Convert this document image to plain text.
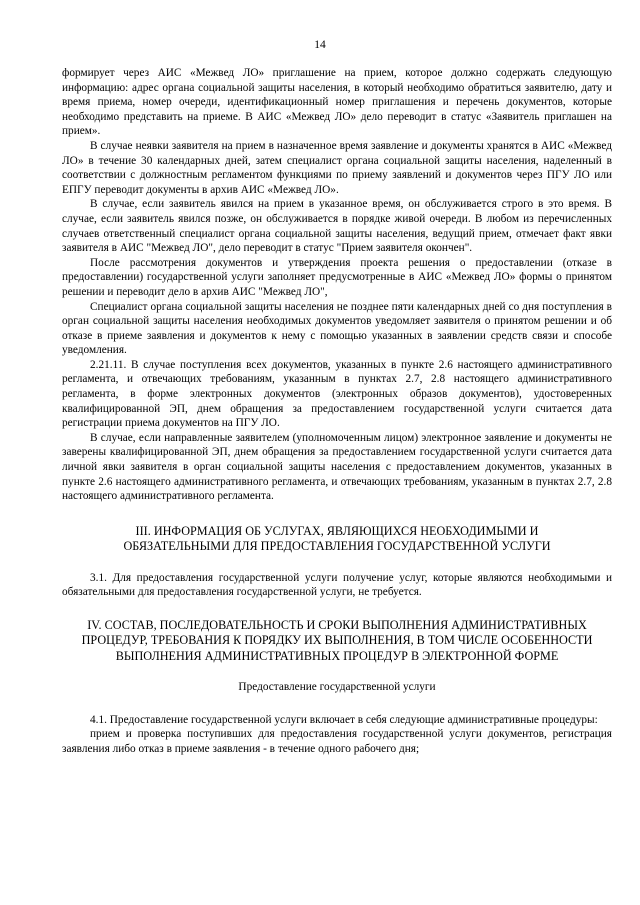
14

формирует через АИС «Межвед ЛО» приглашение на прием, которое должно содержать следующую информацию: адрес органа социальной защиты населения, в который необходимо обратиться заявителю, дату и время приема, номер очереди, идентификационный номер приглашения и перечень документов, которые необходимо представить на приеме. В АИС «Межвед ЛО» дело переводит в статус «Заявитель приглашен на прием».

В случае неявки заявителя на прием в назначенное время заявление и документы хранятся в АИС «Межвед ЛО» в течение 30 календарных дней, затем специалист органа социальной защиты населения, наделенный в соответствии с должностным регламентом функциями по приему заявлений и документов через ПГУ ЛО или ЕПГУ переводит документы в архив АИС «Межвед ЛО».

В случае, если заявитель явился на прием в указанное время, он обслуживается строго в это время. В случае, если заявитель явился позже, он обслуживается в порядке живой очереди. В любом из перечисленных случаев ответственный специалист органа социальной защиты населения, ведущий прием, отмечает факт явки заявителя в АИС "Межвед ЛО", дело переводит в статус "Прием заявителя окончен".

После рассмотрения документов и утверждения проекта решения о предоставлении (отказе в предоставлении) государственной услуги заполняет предусмотренные в АИС «Межвед ЛО» формы о принятом решении и переводит дело в архив АИС "Межвед ЛО",

Специалист органа социальной защиты населения не позднее пяти календарных дней со дня поступления в орган социальной защиты населения необходимых документов уведомляет заявителя о принятом решении и об отказе в приеме заявления и документов к нему с помощью указанных в заявлении средств связи и способе уведомления.

2.21.11. В случае поступления всех документов, указанных в пункте 2.6 настоящего административного регламента, и отвечающих требованиям, указанным в пунктах 2.7, 2.8 настоящего административного регламента, в форме электронных документов (электронных образов документов), удостоверенных квалифицированной ЭП, днем обращения за предоставлением государственной услуги считается дата регистрации приема документов на ПГУ ЛО.

В случае, если направленные заявителем (уполномоченным лицом) электронное заявление и документы не заверены квалифицированной ЭП, днем обращения за предоставлением государственной услуги считается дата личной явки заявителя в орган социальной защиты населения с предоставлением документов, указанных в пункте 2.6 настоящего административного регламента, и отвечающих требованиям, указанным в пунктах 2.7, 2.8 настоящего административного регламента.

III. ИНФОРМАЦИЯ ОБ УСЛУГАХ, ЯВЛЯЮЩИХСЯ НЕОБХОДИМЫМИ И ОБЯЗАТЕЛЬНЫМИ ДЛЯ ПРЕДОСТАВЛЕНИЯ ГОСУДАРСТВЕННОЙ УСЛУГИ

3.1. Для предоставления государственной услуги получение услуг, которые являются необходимыми и обязательными для предоставления государственной услуги, не требуется.

IV. СОСТАВ, ПОСЛЕДОВАТЕЛЬНОСТЬ И СРОКИ ВЫПОЛНЕНИЯ АДМИНИСТРАТИВНЫХ ПРОЦЕДУР, ТРЕБОВАНИЯ К ПОРЯДКУ ИХ ВЫПОЛНЕНИЯ, В ТОМ ЧИСЛЕ ОСОБЕННОСТИ ВЫПОЛНЕНИЯ АДМИНИСТРАТИВНЫХ ПРОЦЕДУР В ЭЛЕКТРОННОЙ ФОРМЕ

Предоставление государственной услуги

4.1. Предоставление государственной услуги включает в себя следующие административные процедуры:

прием и проверка поступивших для предоставления государственной услуги документов, регистрация заявления либо отказ в приеме заявления - в течение одного рабочего дня;
